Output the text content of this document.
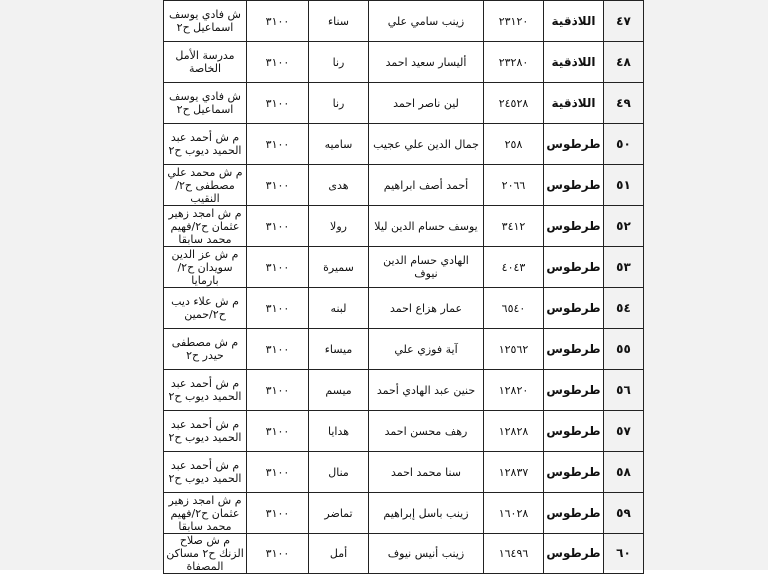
٤٧	اللاذقية	٢٣١٢٠	زينب سامي علي	سناء	٣١٠٠	ش فادي يوسف اسماعيل ح٢
٤٨	اللاذقية	٢٣٢٨٠	أليسار سعيد احمد	رنا	٣١٠٠	مدرسة الأمل الخاصة
٤٩	اللاذقية	٢٤٥٢٨	لين ناصر احمد	رنا	٣١٠٠	ش فادي يوسف اسماعيل ح٢
٥٠	طرطوس	٢٥٨	جمال الدين علي عجيب	ساميه	٣١٠٠	م ش أحمد عبد الحميد ديوب ح٢
٥١	طرطوس	٢٠٦٦	أحمد أصف ابراهيم	هدى	٣١٠٠	م ش محمد علي مصطفى ح٢/النقيب
٥٢	طرطوس	٣٤١٢	يوسف حسام الدين ليلا	رولا	٣١٠٠	م ش امجد زهير عثمان ح٢/فهيم محمد سابقا
٥٣	طرطوس	٤٠٤٣	الهادي حسام الدين نيوف	سميرة	٣١٠٠	م ش عز الدين سويدان ح٢/بارمايا
٥٤	طرطوس	٦٥٤٠	عمار هزاع احمد	لبنه	٣١٠٠	م ش علاء ديب ح٢/حمين
٥٥	طرطوس	١٢٥٦٢	آية فوزي علي	ميساء	٣١٠٠	م ش مصطفى حيدر ح٢
٥٦	طرطوس	١٢٨٢٠	حنين عبد الهادي أحمد	ميسم	٣١٠٠	م ش أحمد عبد الحميد ديوب ح٢
٥٧	طرطوس	١٢٨٢٨	رهف محسن احمد	هدايا	٣١٠٠	م ش أحمد عبد الحميد ديوب ح٢
٥٨	طرطوس	١٢٨٣٧	سنا محمد احمد	منال	٣١٠٠	م ش أحمد عبد الحميد ديوب ح٢
٥٩	طرطوس	١٦٠٢٨	زينب باسل إبراهيم	تماضر	٣١٠٠	م ش امجد زهير عثمان ح٢/فهيم محمد سابقا
٦٠	طرطوس	١٦٤٩٦	زينب أنيس نيوف	أمل	٣١٠٠	م ش صلاح الزنك ح٢ مساكن المصفاة
